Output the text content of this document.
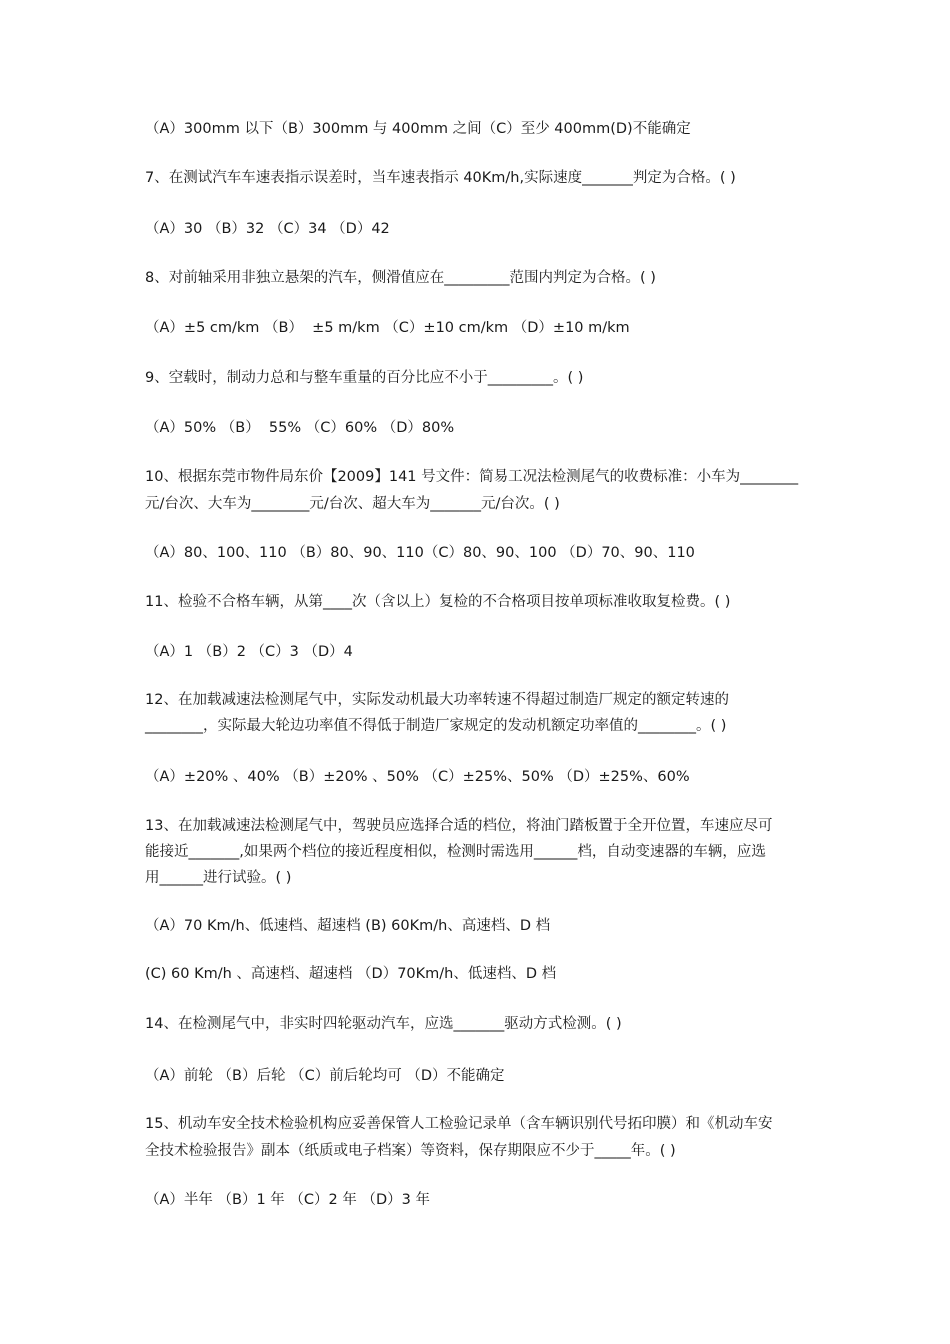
（A）300mm 以下（B）300mm 与 400mm 之间（C）至少 400mm(D)不能确定
7、在测试汽车车速表指示误差时，当车速表指示 40Km/h,实际速度_______判定为合格。( )
（A）30 （B）32 （C）34 （D）42
8、对前轴采用非独立悬架的汽车，侧滑值应在_________范围内判定为合格。( )
（A）±5 cm/km （B）  ±5 m/km （C）±10 cm/km （D）±10 m/km
9、空载时，制动力总和与整车重量的百分比应不小于_________。( )
（A）50% （B）  55% （C）60% （D）80%
10、根据东莞市物件局东价【2009】141 号文件：简易工况法检测尾气的收费标准：小车为________
元/台次、大车为________元/台次、超大车为_______元/台次。( )
（A）80、100、110 （B）80、90、110（C）80、90、100 （D）70、90、110
11、检验不合格车辆，从第____次（含以上）复检的不合格项目按单项标准收取复检费。( )
（A）1 （B）2 （C）3 （D）4
12、在加载减速法检测尾气中，实际发动机最大功率转速不得超过制造厂规定的额定转速的
________，实际最大轮边功率值不得低于制造厂家规定的发动机额定功率值的________。( )
（A）±20% 、40% （B）±20% 、50% （C）±25%、50% （D）±25%、60%
13、在加载减速法检测尾气中，驾驶员应选择合适的档位，将油门踏板置于全开位置，车速应尽可
能接近_______,如果两个档位的接近程度相似，检测时需选用______档，自动变速器的车辆，应选
用______进行试验。( )
（A）70 Km/h、低速档、超速档 (B) 60Km/h、高速档、D 档
(C) 60 Km/h 、高速档、超速档 （D）70Km/h、低速档、D 档
14、在检测尾气中，非实时四轮驱动汽车，应选_______驱动方式检测。( )
（A）前轮 （B）后轮 （C）前后轮均可 （D）不能确定
15、机动车安全技术检验机构应妥善保管人工检验记录单（含车辆识别代号拓印膜）和《机动车安
全技术检验报告》副本（纸质或电子档案）等资料，保存期限应不少于_____年。( )
（A）半年 （B）1 年 （C）2 年 （D）3 年
